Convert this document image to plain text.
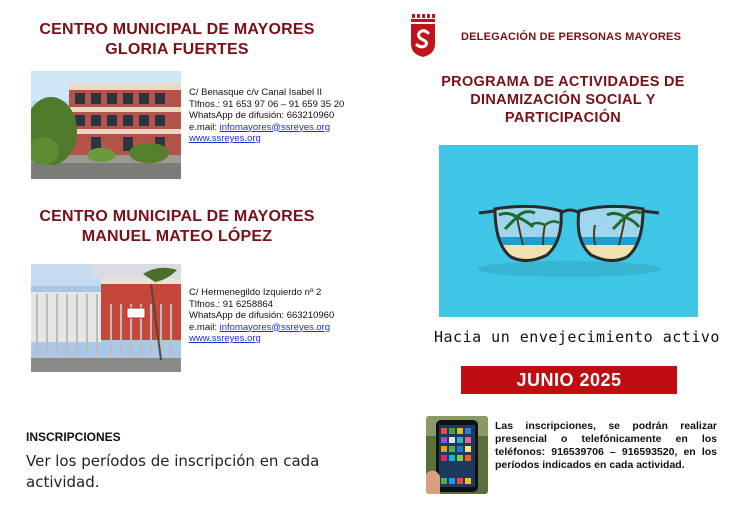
CENTRO MUNICIPAL DE MAYORES
GLORIA FUERTES
C/ Benasque c/v Canal Isabel II
Tlfnos.: 91 653 97 06 – 91 659 35 20
WhatsApp de difusión: 663210960
e.mail: infomayores@ssreyes.org
www.ssreyes.org
CENTRO MUNICIPAL DE MAYORES
MANUEL MATEO LÓPEZ
C/ Hermenegildo Izquierdo nº 2
Tlfnos.: 91 6258864
WhatsApp de difusión: 663210960
e.mail: infomayores@ssreyes.org
www.ssreyes.org
INSCRIPCIONES
Ver los períodos de inscripción en cada actividad.
DELEGACIÓN DE PERSONAS MAYORES
PROGRAMA DE ACTIVIDADES DE
DINAMIZACIÓN SOCIAL Y
PARTICIPACIÓN
Hacia un envejecimiento activo
JUNIO 2025
Las inscripciones, se podrán realizar presencial o telefónicamente en los teléfonos: 916539706 – 916593520, en los períodos indicados en cada actividad.
